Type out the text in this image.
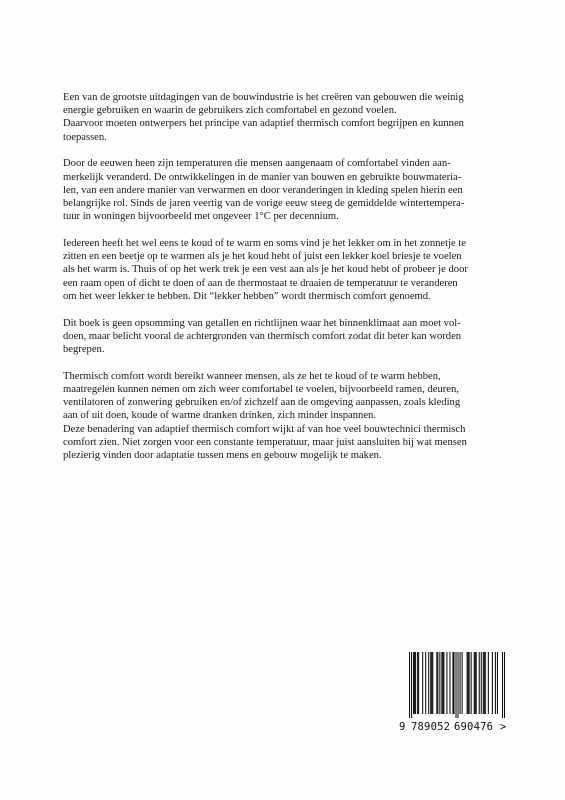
Een van de grootste uitdagingen van de bouwindustrie is het creëren van gebouwen die weinig
energie gebruiken en waarin de gebruikers zich comfortabel en gezond voelen.
Daarvoor moeten ontwerpers het principe van adaptief thermisch comfort begrijpen en kunnen
toepassen.

Door de eeuwen heen zijn temperaturen die mensen aangenaam of comfortabel vinden aan-
merkelijk veranderd. De ontwikkelingen in de manier van bouwen en gebruikte bouwmateria-
len, van een andere manier van verwarmen en door veranderingen in kleding spelen hierin een
belangrijke rol. Sinds de jaren veertig van de vorige eeuw steeg de gemiddelde wintertempera-
tuur in woningen bijvoorbeeld met ongeveer 1°C per decennium.

Iedereen heeft het wel eens te koud of te warm en soms vind je het lekker om in het zonnetje te
zitten en een beetje op te warmen als je het koud hebt of juist een lekker koel briesje te voelen
als het warm is. Thuis of op het werk trek je een vest aan als je het koud hebt of probeer je door
een raam open of dicht te doen of aan de thermostaat te draaien de temperatuur te veranderen
om het weer lekker te hebben. Dit “lekker hebben” wordt thermisch comfort genoemd.

Dit boek is geen opsomming van getallen en richtlijnen waar het binnenklimaat aan moet vol-
doen, maar belicht vooral de achtergronden van thermisch comfort zodat dit beter kan worden
begrepen.

Thermisch comfort wordt bereikt wanneer mensen, als ze het te koud of te warm hebben,
maatregelen kunnen nemen om zich weer comfortabel te voelen, bijvoorbeeld ramen, deuren,
ventilatoren of zonwering gebruiken en/of zichzelf aan de omgeving aanpassen, zoals kleding
aan of uit doen, koude of warme dranken drinken, zich minder inspannen.
Deze benadering van adaptief thermisch comfort wijkt af van hoe veel bouwtechnici thermisch
comfort zien. Niet zorgen voor een constante temperatuur, maar juist aansluiten bij wat mensen
plezierig vinden door adaptatie tussen mens en gebouw mogelijk te maken.

9 789052 690476 >
